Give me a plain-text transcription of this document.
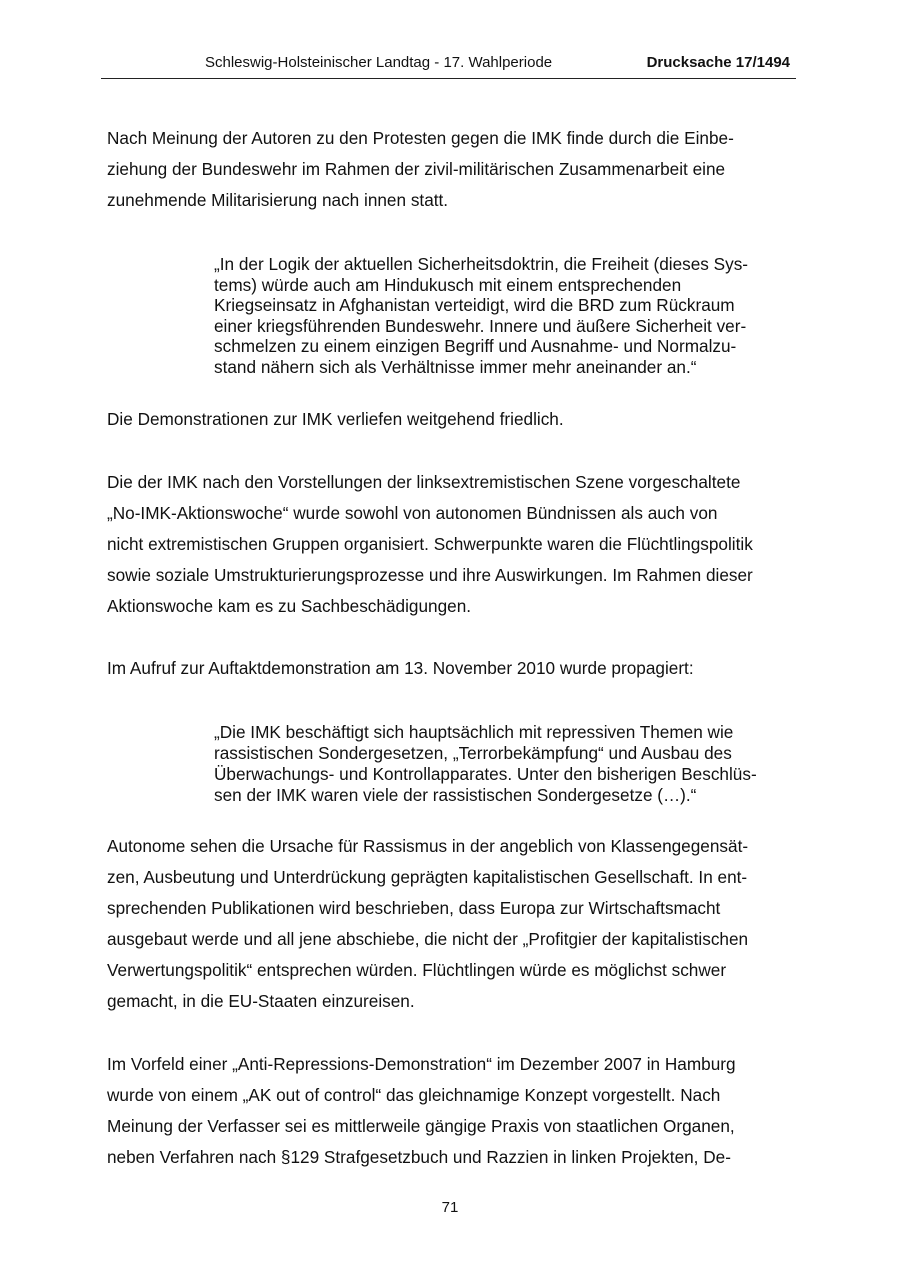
Schleswig-Holsteinischer Landtag - 17. Wahlperiode	Drucksache 17/1494
Nach Meinung der Autoren zu den Protesten gegen die IMK finde durch die Einbe-
ziehung der Bundeswehr im Rahmen der zivil-militärischen Zusammenarbeit eine
zunehmende Militarisierung nach innen statt.
„In der Logik der aktuellen Sicherheitsdoktrin, die Freiheit (dieses Sys-
tems) würde auch am Hindukusch mit einem entsprechenden
Kriegseinsatz in Afghanistan verteidigt, wird die BRD zum Rückraum
einer kriegsführenden Bundeswehr. Innere und äußere Sicherheit ver-
schmelzen zu einem einzigen Begriff und Ausnahme- und Normalzu-
stand nähern sich als Verhältnisse immer mehr aneinander an.“
Die Demonstrationen zur IMK verliefen weitgehend friedlich.
Die der IMK nach den Vorstellungen der linksextremistischen Szene vorgeschaltete
„No-IMK-Aktionswoche“ wurde sowohl von autonomen Bündnissen als auch von
nicht extremistischen Gruppen organisiert. Schwerpunkte waren die Flüchtlingspolitik
sowie soziale Umstrukturierungsprozesse und ihre Auswirkungen. Im Rahmen dieser
Aktionswoche kam es zu Sachbeschädigungen.
Im Aufruf zur Auftaktdemonstration am 13. November 2010 wurde propagiert:
„Die IMK beschäftigt sich hauptsächlich mit repressiven Themen wie
rassistischen Sondergesetzen, „Terrorbekämpfung“ und Ausbau des
Überwachungs- und Kontrollapparates. Unter den bisherigen Beschlüs-
sen der IMK waren viele der rassistischen Sondergesetze (…).“
Autonome sehen die Ursache für Rassismus in der angeblich von Klassengegensät-
zen, Ausbeutung und Unterdrückung geprägten kapitalistischen Gesellschaft. In ent-
sprechenden Publikationen wird beschrieben, dass Europa zur Wirtschaftsmacht
ausgebaut werde und all jene abschiebe, die nicht der „Profitgier der kapitalistischen
Verwertungspolitik“ entsprechen würden. Flüchtlingen würde es möglichst schwer
gemacht, in die EU-Staaten einzureisen.
Im Vorfeld einer „Anti-Repressions-Demonstration“ im Dezember 2007 in Hamburg
wurde von einem „AK out of control“ das gleichnamige Konzept vorgestellt. Nach
Meinung der Verfasser sei es mittlerweile gängige Praxis von staatlichen Organen,
neben Verfahren nach §129 Strafgesetzbuch und Razzien in linken Projekten, De-
71
